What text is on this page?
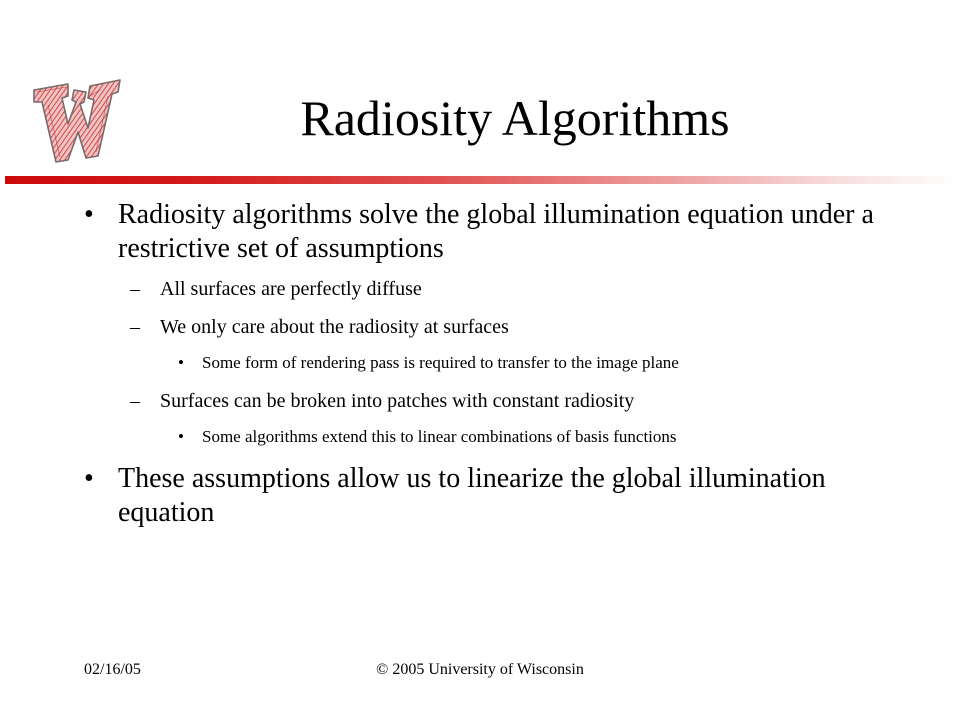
Radiosity Algorithms
• Radiosity algorithms solve the global illumination equation under a restrictive set of assumptions
– All surfaces are perfectly diffuse
– We only care about the radiosity at surfaces
• Some form of rendering pass is required to transfer to the image plane
– Surfaces can be broken into patches with constant radiosity
• Some algorithms extend this to linear combinations of basis functions
• These assumptions allow us to linearize the global illumination equation
02/16/05	© 2005 University of Wisconsin
